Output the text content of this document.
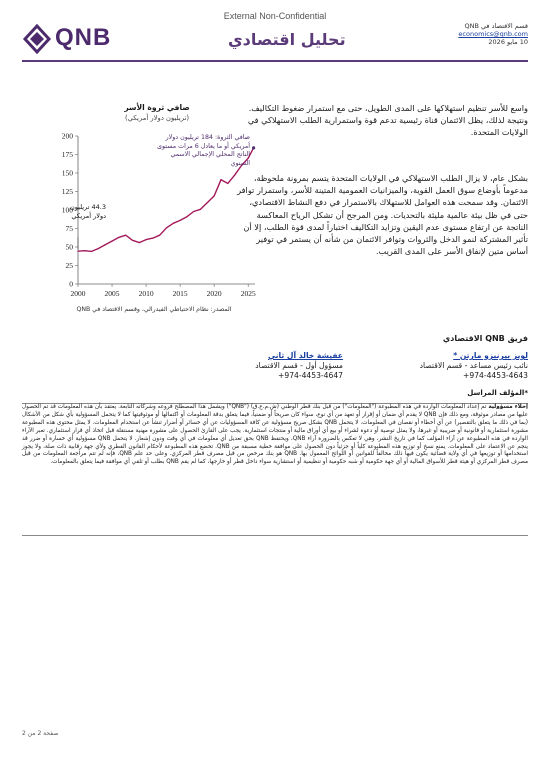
QNB
External Non-Confidential
تحليل اقتصادي
قسم الاقتصاد في QNB
economics@qnb.com
10 مايو 2026
واسع للأسر تنظيم استهلاكها على المدى الطويل، حتى مع استمرار ضغوط التكاليف. ونتيجة لذلك، يظل الائتمان قناة رئيسية تدعم قوة واستمرارية الطلب الاستهلاكي في الولايات المتحدة.
بشكل عام، لا يزال الطلب الاستهلاكي في الولايات المتحدة يتسم بمرونة ملحوظة، مدعوماً بأوضاع سوق العمل القوية، والميزانيات العمومية المتينة للأسر، واستمرار توافر الائتمان. وقد سمحت هذه العوامل للاستهلاك بالاستمرار في دفع النشاط الاقتصادي، حتى في ظل بيئة عالمية مليئة بالتحديات. ومن المرجح أن تشكل الرياح المعاكسة الناتجة عن ارتفاع مستوى عدم اليقين وتزايد التكاليف اختباراً لمدى قوة الطلب، إلا أن تأثير المشتركة لنمو الدخل والثروات وتوافر الائتمان من شأنه أن يستمر في توفير أساس متين لإنفاق الأسر على المدى القريب.
صافي ثروة الأسر
(تريليون دولار أمريكي)
0
25
50
75
100
125
150
175
200
2000	2005	2010	2015	2020	2025
44.3 تريليون دولار أمريكي
صافي الثروة: 184 تريليون دولار أمريكي أو ما يعادل 6 مرات مستوى الناتج المحلي الإجمالي الاسمي السنوي
المصدر: نظام الاحتياطي الفيدرالي، وقسم الاقتصاد في QNB
فريق QNB الاقتصادي
لويز بيرنبزو مارتن *
نائب رئيس مساعد - قسم الاقتصاد
+974-4453-4643
عفيشة خالد آل ثاني
مسؤول أول - قسم الاقتصاد
+974-4453-4647
*المؤلف المراسل
إخلاء مسؤولية تم إعداد المعلومات الواردة في هذه المطبوعة ("المعلومات") من قبل بنك قطر الوطني (ش.م.ع.ق) ("QNB") ويشمل هذا المصطلح فروعه وشركاته التابعة. يعتقد بأن هذه المعلومات قد تم الحصول عليها من مصادر موثوقة، ومع ذلك فإن QNB لا يقدم أي ضمان أو إقرار أو تعهد من أي نوع، سواء كان صريحاً أو ضمنياً، فيما يتعلق بدقة المعلومات أو اكتمالها أو موثوقيتها كما لا يتحمل المسؤولية بأي شكل من الأشكال (بما في ذلك ما يتعلق بالتقصير) عن أي أخطاء أو نقصان في المعلومات. لا يتحمل QNB بشكل صريح مسؤولية عن كافة المسؤوليات عن أي خسائر أو أضرار تنشأ عن استخدام المعلومات. لا يمثل محتوى هذه المطبوعة مشورة استثمارية أو قانونية أو ضريبية أو غيرها، ولا يمثل توصية أو دعوة لشراء أو بيع أي أوراق مالية أو منتجات استثمارية. يجب على القارئ الحصول على مشورة مهنية مستقلة قبل اتخاذ أي قرار استثماري. تعبر الآراء الواردة في هذه المطبوعة عن آراء المؤلف كما في تاريخ النشر، وهي لا تعكس بالضرورة آراء QNB، ويحتفظ QNB بحق تعديل أي معلومات في أي وقت ودون إشعار. لا يتحمل QNB مسؤولية أي خسارة أو ضرر قد ينجم عن الاعتماد على المعلومات. يمنع نسخ أو توزيع هذه المطبوعة كلياً أو جزئياً دون الحصول على موافقة خطية مسبقة من QNB. تخضع هذه المطبوعة لأحكام القانون القطري ولأي جهة رقابية ذات صلة، ولا يجوز استخدامها أو توزيعها في أي ولاية قضائية يكون فيها ذلك مخالفاً للقوانين أو اللوائح المعمول بها. QNB هو بنك مرخص من قبل مصرف قطر المركزي. وعلى حد علم QNB، فإنه لم تتم مراجعة المعلومات من قبل مصرف قطر المركزي أو هيئة قطر للأسواق المالية أو أي جهة حكومية أو شبه حكومية أو تنظيمية أو استشارية سواء داخل قطر أو خارجها، كما لم يقم QNB بطلب أو تلقي أي موافقة فيما يتعلق بالمعلومات.
صفحة 2 من 2
